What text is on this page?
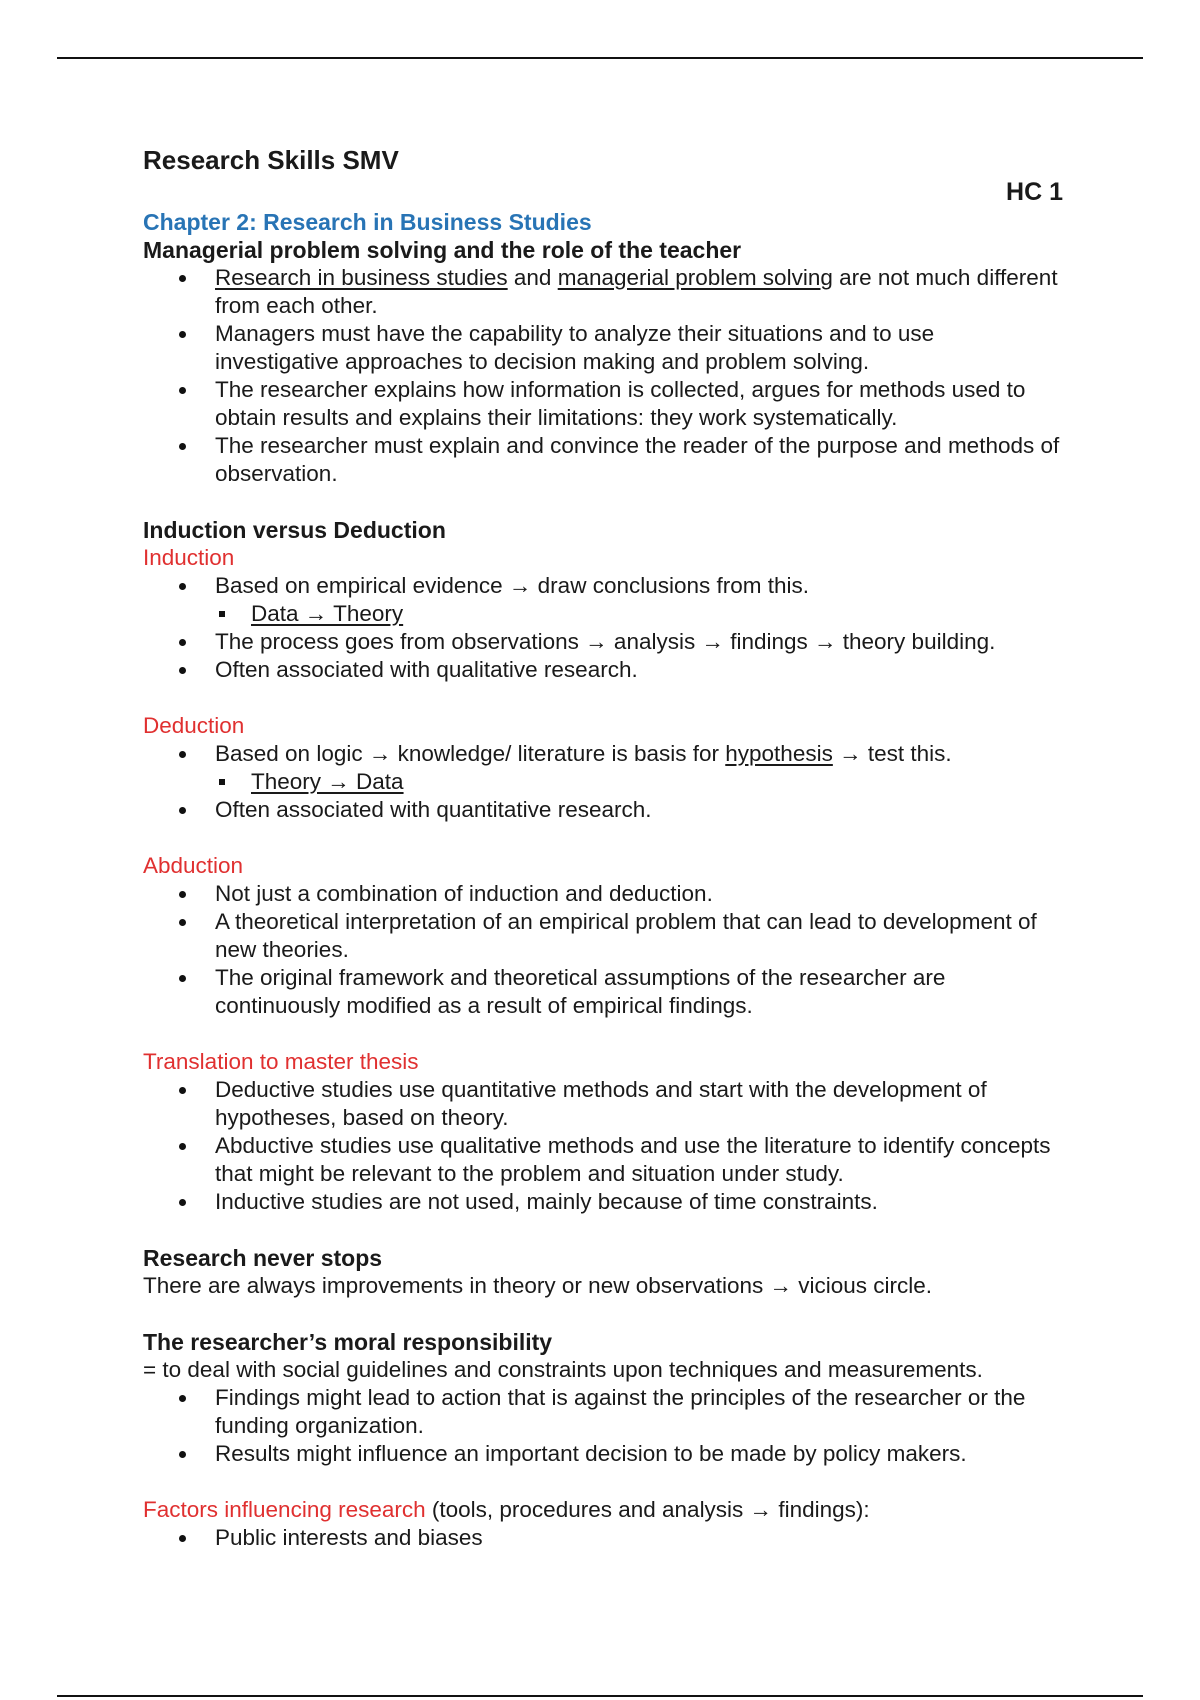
Research Skills SMV
HC 1
Chapter 2: Research in Business Studies
Managerial problem solving and the role of the teacher
Research in business studies and managerial problem solving are not much different from each other.
Managers must have the capability to analyze their situations and to use investigative approaches to decision making and problem solving.
The researcher explains how information is collected, argues for methods used to obtain results and explains their limitations: they work systematically.
The researcher must explain and convince the reader of the purpose and methods of observation.
Induction versus Deduction
Induction
Based on empirical evidence → draw conclusions from this.
Data → Theory
The process goes from observations → analysis → findings → theory building.
Often associated with qualitative research.
Deduction
Based on logic → knowledge/ literature is basis for hypothesis → test this.
Theory → Data
Often associated with quantitative research.
Abduction
Not just a combination of induction and deduction.
A theoretical interpretation of an empirical problem that can lead to development of new theories.
The original framework and theoretical assumptions of the researcher are continuously modified as a result of empirical findings.
Translation to master thesis
Deductive studies use quantitative methods and start with the development of hypotheses, based on theory.
Abductive studies use qualitative methods and use the literature to identify concepts that might be relevant to the problem and situation under study.
Inductive studies are not used, mainly because of time constraints.
Research never stops

There are always improvements in theory or new observations → vicious circle.

The researcher’s moral responsibility

= to deal with social guidelines and constraints upon techniques and measurements.

Findings might lead to action that is against the principles of the researcher or the funding organization.
Results might influence an important decision to be made by policy makers.

Factors influencing research (tools, procedures and analysis → findings):

Public interests and biases
